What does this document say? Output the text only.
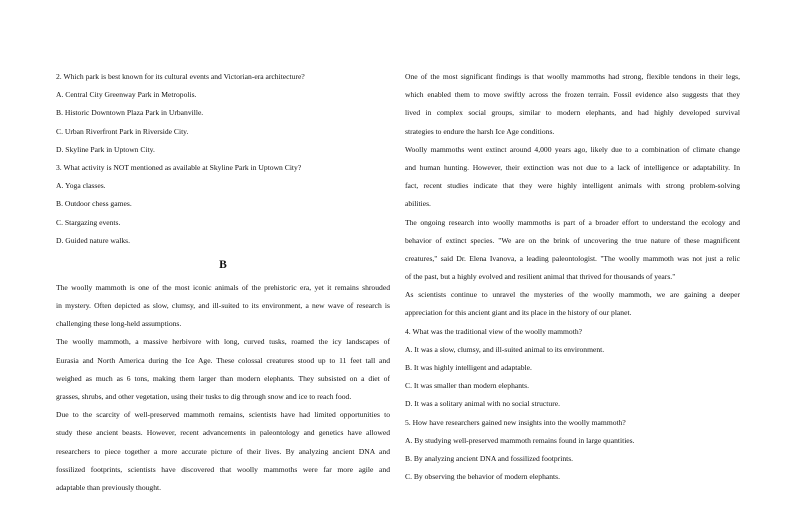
2. Which park is best known for its cultural events and Victorian-era architecture?
A. Central City Greenway Park in Metropolis.
B. Historic Downtown Plaza Park in Urbanville.
C. Urban Riverfront Park in Riverside City.
D. Skyline Park in Uptown City.
3. What activity is NOT mentioned as available at Skyline Park in Uptown City?
A. Yoga classes.
B. Outdoor chess games.
C. Stargazing events.
D. Guided nature walks.
B
The woolly mammoth is one of the most iconic animals of the prehistoric era, yet it remains shrouded
in mystery. Often depicted as slow, clumsy, and ill-suited to its environment, a new wave of research is
challenging these long-held assumptions.
The woolly mammoth, a massive herbivore with long, curved tusks, roamed the icy landscapes of
Eurasia and North America during the Ice Age. These colossal creatures stood up to 11 feet tall and
weighed as much as 6 tons, making them larger than modern elephants. They subsisted on a diet of
grasses, shrubs, and other vegetation, using their tusks to dig through snow and ice to reach food.
Due to the scarcity of well-preserved mammoth remains, scientists have had limited opportunities to
study these ancient beasts. However, recent advancements in paleontology and genetics have allowed
researchers to piece together a more accurate picture of their lives. By analyzing ancient DNA and
fossilized footprints, scientists have discovered that woolly mammoths were far more agile and
adaptable than previously thought.
One of the most significant findings is that woolly mammoths had strong, flexible tendons in their legs,
which enabled them to move swiftly across the frozen terrain. Fossil evidence also suggests that they
lived in complex social groups, similar to modern elephants, and had highly developed survival
strategies to endure the harsh Ice Age conditions.
Woolly mammoths went extinct around 4,000 years ago, likely due to a combination of climate change
and human hunting. However, their extinction was not due to a lack of intelligence or adaptability. In
fact, recent studies indicate that they were highly intelligent animals with strong problem-solving
abilities.
The ongoing research into woolly mammoths is part of a broader effort to understand the ecology and
behavior of extinct species. "We are on the brink of uncovering the true nature of these magnificent
creatures," said Dr. Elena Ivanova, a leading paleontologist. "The woolly mammoth was not just a relic
of the past, but a highly evolved and resilient animal that thrived for thousands of years."
As scientists continue to unravel the mysteries of the woolly mammoth, we are gaining a deeper
appreciation for this ancient giant and its place in the history of our planet.
4. What was the traditional view of the woolly mammoth?
A. It was a slow, clumsy, and ill-suited animal to its environment.
B. It was highly intelligent and adaptable.
C. It was smaller than modern elephants.
D. It was a solitary animal with no social structure.
5. How have researchers gained new insights into the woolly mammoth?
A. By studying well-preserved mammoth remains found in large quantities.
B. By analyzing ancient DNA and fossilized footprints.
C. By observing the behavior of modern elephants.
